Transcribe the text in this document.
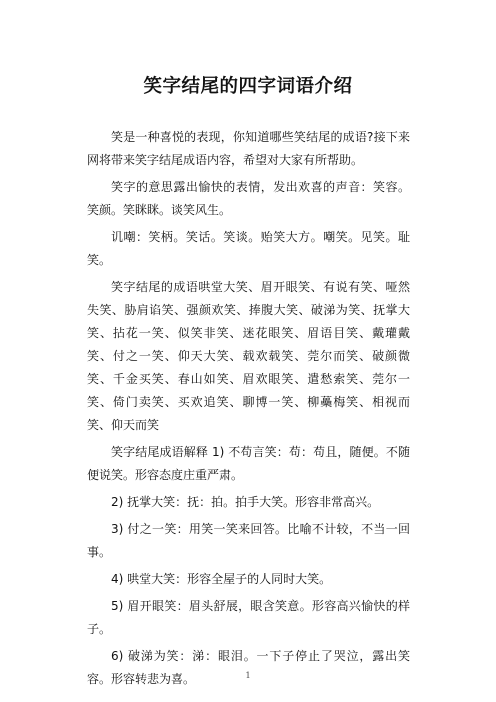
笑字结尾的四字词语介绍

笑是一种喜悦的表现，你知道哪些笑结尾的成语?接下来 网将带来笑字结尾成语内容，希望对大家有所帮助。

笑字的意思露出愉快的表情，发出欢喜的声音：笑容。笑颜。笑眯眯。谈笑风生。

讥嘲：笑柄。笑话。笑谈。贻笑大方。嘲笑。见笑。耻笑。

笑字结尾的成语哄堂大笑、眉开眼笑、有说有笑、哑然失笑、胁肩谄笑、强颜欢笑、捧腹大笑、破涕为笑、抚掌大笑、拈花一笑、似笑非笑、迷花眼笑、眉语目笑、戴瓘戴笑、付之一笑、仰天大笑、载欢载笑、莞尔而笑、破颜微笑、千金买笑、春山如笑、眉欢眼笑、遣愁索笑、莞尔一笑、倚门卖笑、买欢追笑、聊博一笑、柳蘽梅笑、相视而笑、仰天而笑

笑字结尾成语解释 1) 不苟言笑：苟：苟且，随便。不随便说笑。形容态度庄重严肃。

2) 抚掌大笑：抚：拍。拍手大笑。形容非常高兴。

3) 付之一笑：用笑一笑来回答。比喻不计较，不当一回事。

4) 哄堂大笑：形容全屋子的人同时大笑。

5) 眉开眼笑：眉头舒展，眼含笑意。形容高兴愉快的样子。

6) 破涕为笑：涕：眼泪。一下子停止了哭泣，露出笑容。形容转悲为喜。	1
